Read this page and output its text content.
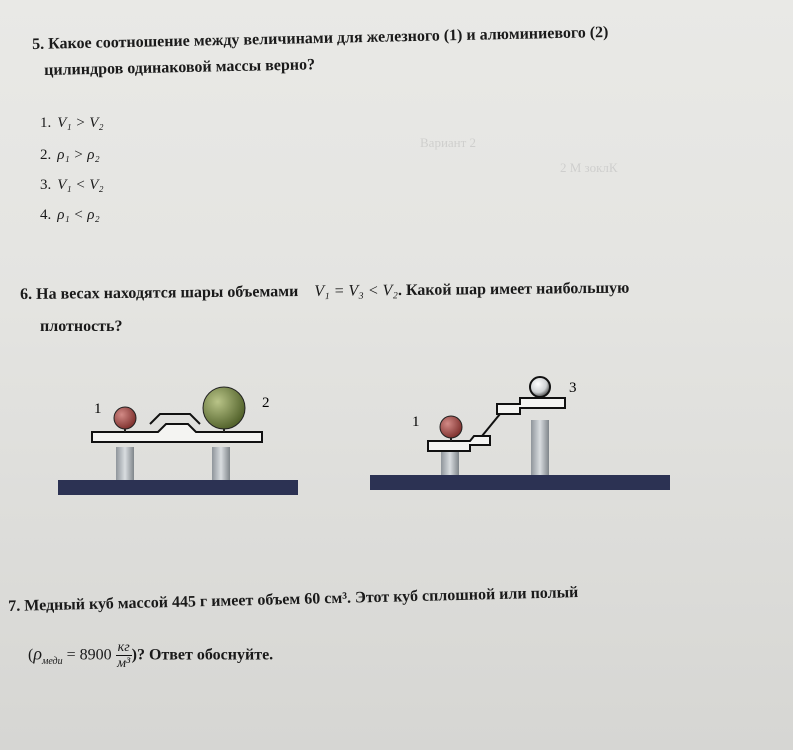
Вариант 2
2 M зоклК
5. Какое соотношение между величинами для железного (1) и алюминиевого (2)
цилиндров одинаковой массы верно?
1. V₁ > V₂
2. ρ₁ > ρ₂
3. V₁ < V₂
4. ρ₁ < ρ₂
6. На весах находятся шары объемами V₁ = V₃ < V₂. Какой шар имеет наибольшую
плотность?
1	2
1
3
7. Медный куб массой 445 г имеет объем 60 см³. Этот куб сплошной или полый
($\rho_{меди} = 8900$ кг
м³
)? Ответ обоснуйте.
